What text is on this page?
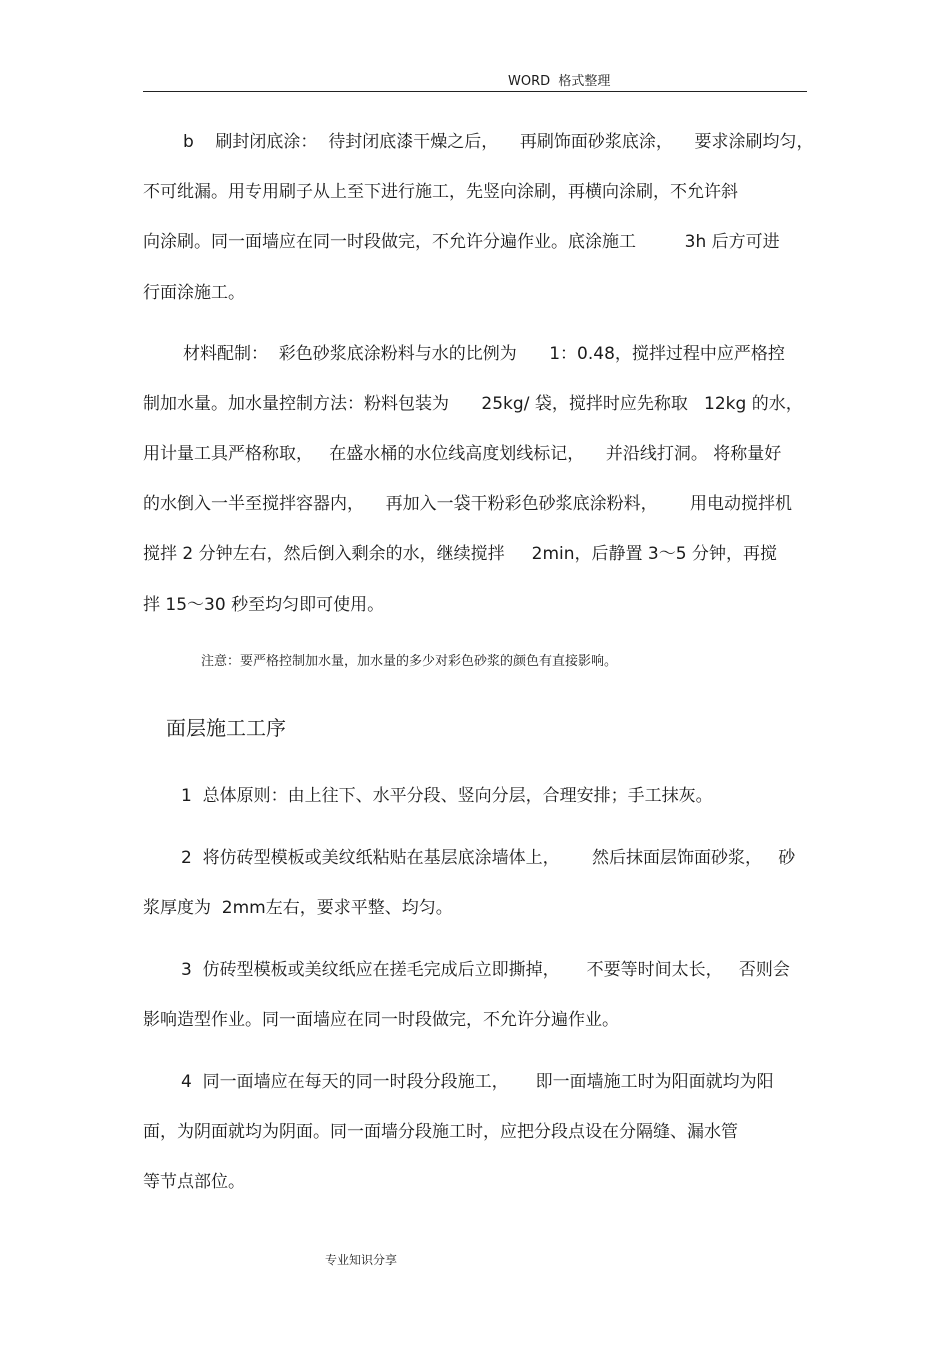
WORD  格式整理
b    刷封闭底涂：  待封闭底漆干燥之后，    再刷饰面砂浆底涂，    要求涂刷均匀，
不可纰漏。用专用刷子从上至下进行施工，先竖向涂刷，再横向涂刷，不允许斜
向涂刷。同一面墙应在同一时段做完，不允许分遍作业。底涂施工         3h 后方可进
行面涂施工。
材料配制：  彩色砂浆底涂粉料与水的比例为      1：0.48，搅拌过程中应严格控
制加水量。加水量控制方法：粉料包装为      25kg/ 袋，搅拌时应先称取   12kg 的水，
用计量工具严格称取，   在盛水桶的水位线高度划线标记，    并沿线打洞。 将称量好
的水倒入一半至搅拌容器内，    再加入一袋干粉彩色砂浆底涂粉料，      用电动搅拌机
搅拌 2 分钟左右，然后倒入剩余的水，继续搅拌     2min，后静置 3～5 分钟，再搅
拌 15～30 秒至均匀即可使用。
注意：要严格控制加水量，加水量的多少对彩色砂浆的颜色有直接影响。
面层施工工序
1  总体原则：由上往下、水平分段、竖向分层，合理安排；手工抹灰。
2  将仿砖型模板或美纹纸粘贴在基层底涂墙体上，      然后抹面层饰面砂浆，   砂
浆厚度为  2mm左右，要求平整、均匀。
3  仿砖型模板或美纹纸应在搓毛完成后立即撕掉，     不要等时间太长，   否则会
影响造型作业。同一面墙应在同一时段做完，不允许分遍作业。
4  同一面墙应在每天的同一时段分段施工，     即一面墙施工时为阳面就均为阳
面，为阴面就均为阴面。同一面墙分段施工时，应把分段点设在分隔缝、漏水管
等节点部位。
专业知识分享
